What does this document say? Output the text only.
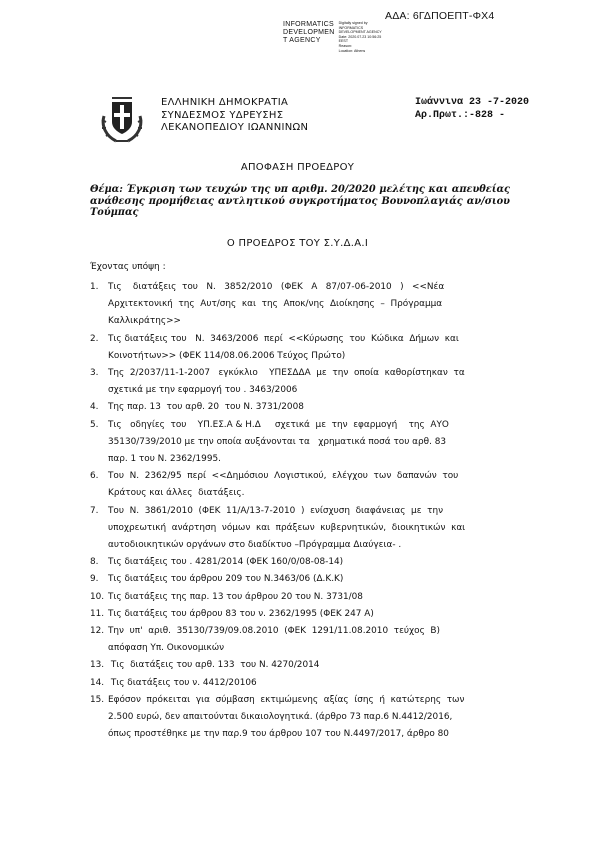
ΑΔΑ: 6ΓΔΠΟΕΠΤ-ΦΧ4
INFORMATICS
DEVELOPMEN
T AGENCY
Digitally signed by
INFORMATICS
DEVELOPMENT AGENCY
Date: 2020.07.23 10:56:25
EEST
Reason:
Location: Athens
ΕΛΛΗΝΙΚΗ ΔΗΜΟΚΡΑΤΙΑ
ΣΥΝΔΕΣΜΟΣ ΥΔΡΕΥΣΗΣ
ΛΕΚΑΝΟΠΕΔΙΟΥ ΙΩΑΝΝΙΝΩΝ
Ιωάννινα 23 -7-2020
Αρ.Πρωτ.:-828 -
ΑΠΟΦΑΣΗ ΠΡΟΕΔΡΟΥ
Θέμα: Έγκριση των τευχών της υπ αριθμ. 20/2020 μελέτης και απευθείας ανάθεσης προμήθειας αντλητικού συγκροτήματος Βουνοπλαγιάς αν/σιου Τούμπας
Ο ΠΡΟΕΔΡΟΣ ΤΟΥ Σ.Υ.Δ.Α.Ι
Έχοντας υπόψη :
1.	Τις    διατάξεις  του   Ν.   3852/2010   (ΦΕΚ   Α   87/07-06-2010   )   <<Νέα
Αρχιτεκτονική  της  Αυτ/σης  και  της  Αποκ/νης  Διοίκησης  –  Πρόγραμμα
Καλλικράτης>>
2.	Τις διατάξεις του   Ν.  3463/2006  περί  <<Κύρωσης  του  Κώδικα  Δήμων  και
Κοινοτήτων>> (ΦΕΚ 114/08.06.2006 Τεύχος Πρώτο)
3.	Της  2/2037/11-1-2007   εγκύκλιο    ΥΠΕΣΔΔΑ  με  την  οποία  καθορίστηκαν  τα
σχετικά με την εφαρμογή του . 3463/2006
4.	Της παρ. 13  του αρθ. 20  του Ν. 3731/2008
5.	Τις   οδηγίες  του    ΥΠ.ΕΣ.Α & Η.Δ     σχετικά  με  την  εφαρμογή    της  ΑΥΟ
35130/739/2010 με την οποία αυξάνονται τα   χρηματικά ποσά του αρθ. 83
παρ. 1 του Ν. 2362/1995.
6.	Του  Ν.  2362/95  περί  <<Δημόσιου  Λογιστικού,  ελέγχου  των  δαπανών  του
Κράτους και άλλες  διατάξεις.
7.	Του  Ν.  3861/2010  (ΦΕΚ  11/Α/13-7-2010  )  ενίσχυση  διαφάνειας  με  την
υποχρεωτική  ανάρτηση  νόμων  και  πράξεων  κυβερνητικών,  διοικητικών  και
αυτοδιοικητικών οργάνων στο διαδίκτυο –Πρόγραμμα Διαύγεια- .
8.	Τις διατάξεις του . 4281/2014 (ΦΕΚ 160/0/08-08-14)
9.	Τις διατάξεις του άρθρου 209 του Ν.3463/06 (Δ.Κ.Κ)
10. Τις διατάξεις της παρ. 13 του άρθρου 20 του Ν. 3731/08
11. Τις διατάξεις του άρθρου 83 του ν. 2362/1995 (ΦΕΚ 247 Α)
12. Την  υπ'  αριθ.  35130/739/09.08.2010  (ΦΕΚ  1291/11.08.2010  τεύχος  Β)
απόφαση Υπ. Οικονομικών
13. Τις  διατάξεις του αρθ. 133  του Ν. 4270/2014
14. Τις διατάξεις του ν. 4412/20106
15. Εφόσον  πρόκειται  για  σύμβαση  εκτιμώμενης  αξίας  ίσης  ή  κατώτερης  των
2.500 ευρώ, δεν απαιτούνται δικαιολογητικά. (άρθρο 73 παρ.6 Ν.4412/2016,
όπως προστέθηκε με την παρ.9 του άρθρου 107 του Ν.4497/2017, άρθρο 80
